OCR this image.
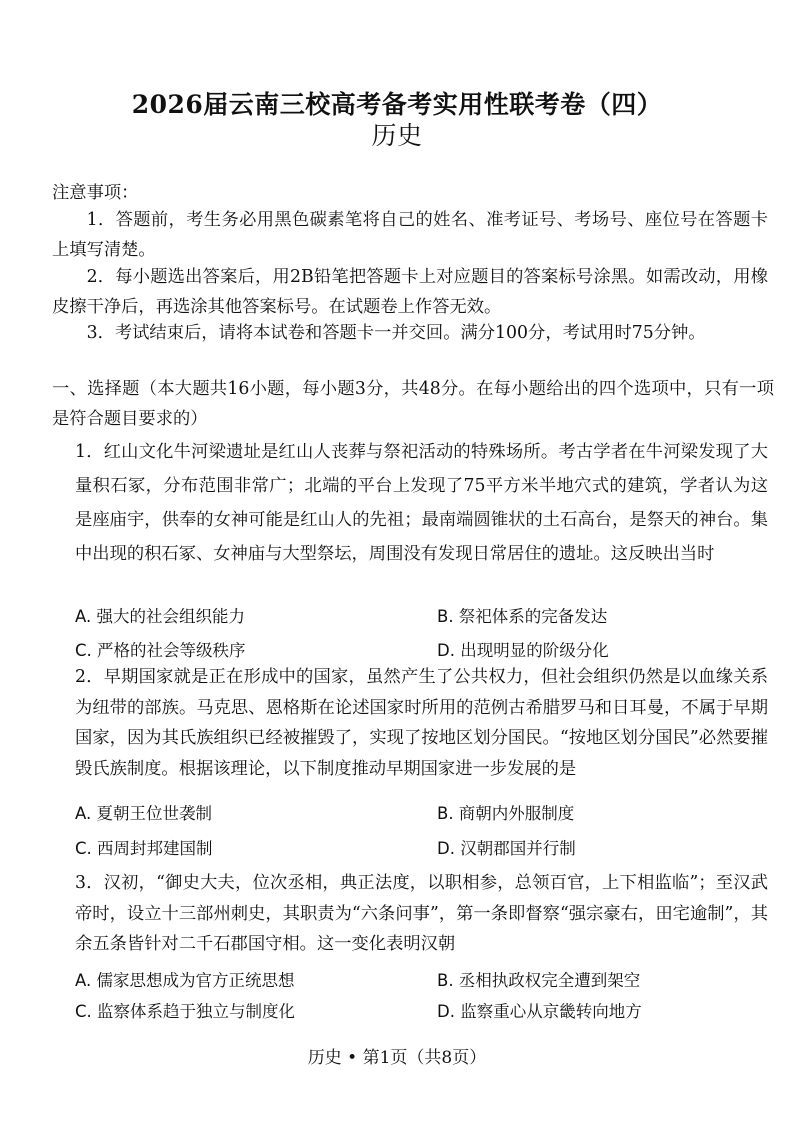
2026届云南三校高考备考实用性联考卷（四）
历史
注意事项：
1．答题前，考生务必用黑色碳素笔将自己的姓名、准考证号、考场号、座位号在答题卡上填写清楚。
2．每小题选出答案后，用2B铅笔把答题卡上对应题目的答案标号涂黑。如需改动，用橡皮擦干净后，再选涂其他答案标号。在试题卷上作答无效。
3．考试结束后，请将本试卷和答题卡一并交回。满分100分，考试用时75分钟。
一、选择题（本大题共16小题，每小题3分，共48分。在每小题给出的四个选项中，只有一项是符合题目要求的）
1．红山文化牛河梁遗址是红山人丧葬与祭祀活动的特殊场所。考古学者在牛河梁发现了大量积石冢，分布范围非常广；北端的平台上发现了75平方米半地穴式的建筑，学者认为这是座庙宇，供奉的女神可能是红山人的先祖；最南端圆锥状的土石高台，是祭天的神台。集中出现的积石冢、女神庙与大型祭坛，周围没有发现日常居住的遗址。这反映出当时
A. 强大的社会组织能力	B. 祭祀体系的完备发达
C. 严格的社会等级秩序	D. 出现明显的阶级分化
2．早期国家就是正在形成中的国家，虽然产生了公共权力，但社会组织仍然是以血缘关系为纽带的部族。马克思、恩格斯在论述国家时所用的范例古希腊罗马和日耳曼，不属于早期国家，因为其氏族组织已经被摧毁了，实现了按地区划分国民。“按地区划分国民”必然要摧毁氏族制度。根据该理论，以下制度推动早期国家进一步发展的是
A. 夏朝王位世袭制	B. 商朝内外服制度
C. 西周封邦建国制	D. 汉朝郡国并行制
3．汉初，“御史大夫，位次丞相，典正法度，以职相参，总领百官，上下相监临”；至汉武帝时，设立十三部州刺史，其职责为“六条问事”，第一条即督察“强宗豪右，田宅逾制”，其余五条皆针对二千石郡国守相。这一变化表明汉朝
A. 儒家思想成为官方正统思想	B. 丞相执政权完全遭到架空
C. 监察体系趋于独立与制度化	D. 监察重心从京畿转向地方
历史 • 第1页（共8页）
